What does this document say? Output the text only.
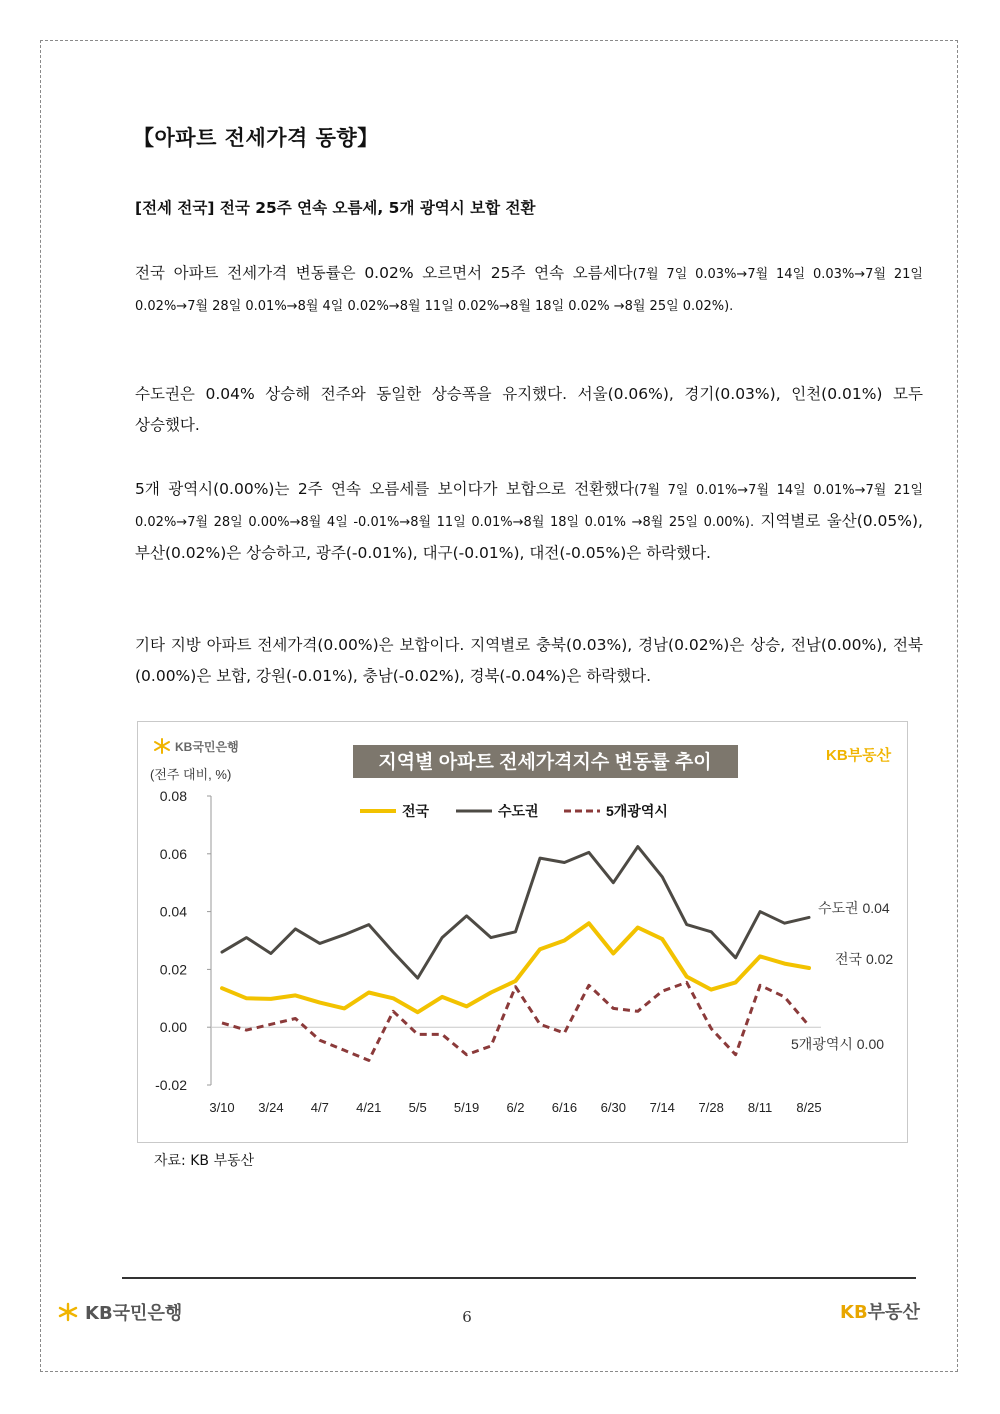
【아파트 전세가격 동향】
[전세 전국] 전국 25주 연속 오름세, 5개 광역시 보합 전환
전국 아파트 전세가격 변동률은 0.02% 오르면서 25주 연속 오름세다(7월 7일 0.03%→7월 14일 0.03%→7월 21일 0.02%→7월 28일 0.01%→8월 4일 0.02%→8월 11일 0.02%→8월 18일 0.02% →8월 25일 0.02%).
수도권은 0.04% 상승해 전주와 동일한 상승폭을 유지했다. 서울(0.06%), 경기(0.03%), 인천(0.01%) 모두 상승했다.
5개 광역시(0.00%)는 2주 연속 오름세를 보이다가 보합으로 전환했다(7월 7일 0.01%→7월 14일 0.01%→7월 21일 0.02%→7월 28일 0.00%→8월 4일 -0.01%→8월 11일 0.01%→8월 18일 0.01% →8월 25일 0.00%). 지역별로 울산(0.05%), 부산(0.02%)은 상승하고, 광주(-0.01%), 대구(-0.01%), 대전(-0.05%)은 하락했다.
기타 지방 아파트 전세가격(0.00%)은 보합이다. 지역별로 충북(0.03%), 경남(0.02%)은 상승, 전남(0.00%), 전북(0.00%)은 보합, 강원(-0.01%), 충남(-0.02%), 경북(-0.04%)은 하락했다.
-0.02
0.00
0.02
0.04
0.06
0.08
3/10 3/24 4/7 4/21 5/5 5/19 6/2 6/16 6/30 7/14 7/28 8/11 8/25
수도권 0.04
전국 0.02
5개광역시 0.00
전국	수도권	5개광역시
지역별 아파트 전세가격지수 변동률 추이
KB국민은행
(전주 대비, %)
KB부동산
자료: KB 부동산
KB국민은행	6	KB부동산
